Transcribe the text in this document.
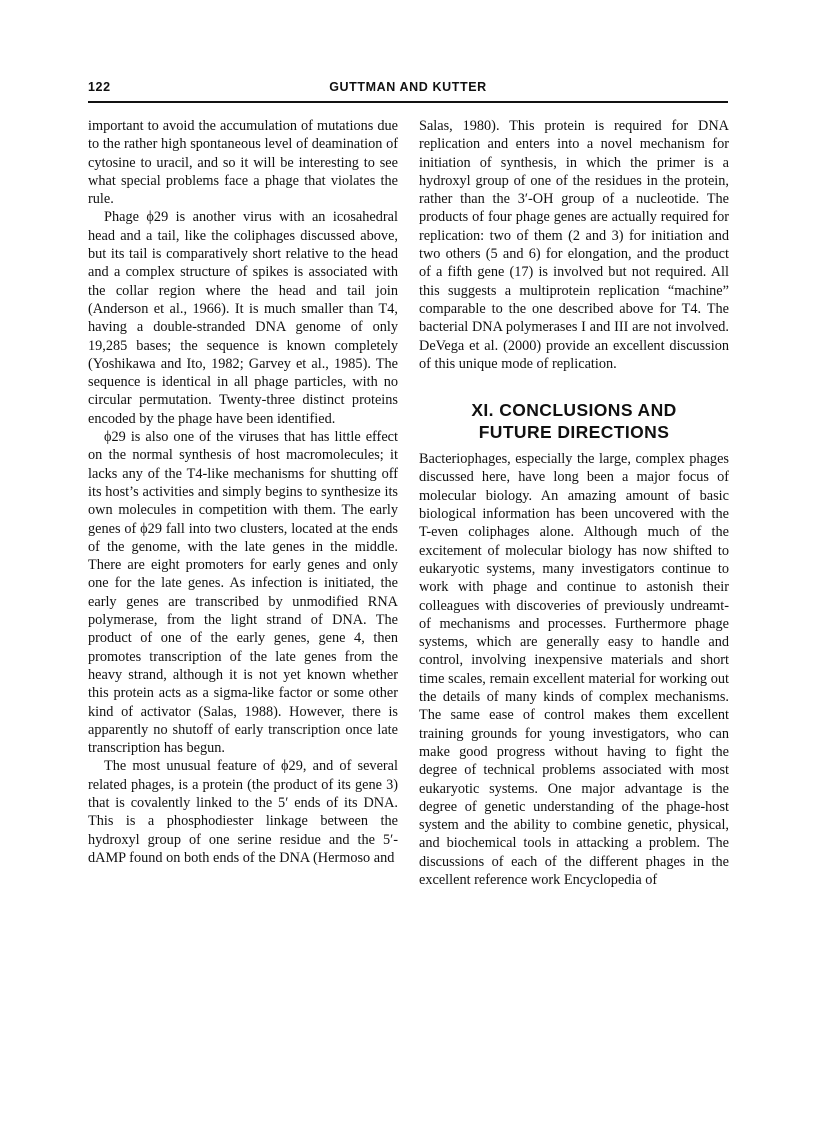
122	GUTTMAN AND KUTTER

important to avoid the accumulation of mutations due to the rather high spontaneous level of deamination of cytosine to uracil, and so it will be interesting to see what special problems face a phage that violates the rule.

Phage ϕ29 is another virus with an icosahedral head and a tail, like the coliphages discussed above, but its tail is comparatively short relative to the head and a complex structure of spikes is associated with the collar region where the head and tail join (Anderson et al., 1966). It is much smaller than T4, having a double-stranded DNA genome of only 19,285 bases; the sequence is known completely (Yoshikawa and Ito, 1982; Garvey et al., 1985). The sequence is identical in all phage particles, with no circular permutation. Twenty-three distinct proteins encoded by the phage have been identified.

ϕ29 is also one of the viruses that has little effect on the normal synthesis of host macromolecules; it lacks any of the T4-like mechanisms for shutting off its host’s activities and simply begins to synthesize its own molecules in competition with them. The early genes of ϕ29 fall into two clusters, located at the ends of the genome, with the late genes in the middle. There are eight promoters for early genes and only one for the late genes. As infection is initiated, the early genes are transcribed by unmodified RNA polymerase, from the light strand of DNA. The product of one of the early genes, gene 4, then promotes transcription of the late genes from the heavy strand, although it is not yet known whether this protein acts as a sigma-like factor or some other kind of activator (Salas, 1988). However, there is apparently no shutoff of early transcription once late transcription has begun.

The most unusual feature of ϕ29, and of several related phages, is a protein (the product of its gene 3) that is covalently linked to the 5′ ends of its DNA. This is a phosphodiester linkage between the hydroxyl group of one serine residue and the 5′-dAMP found on both ends of the DNA (Hermoso and

Salas, 1980). This protein is required for DNA replication and enters into a novel mechanism for initiation of synthesis, in which the primer is a hydroxyl group of one of the residues in the protein, rather than the 3′-OH group of a nucleotide. The products of four phage genes are actually required for replication: two of them (2 and 3) for initiation and two others (5 and 6) for elongation, and the product of a fifth gene (17) is involved but not required. All this suggests a multiprotein replication “machine” comparable to the one described above for T4. The bacterial DNA polymerases I and III are not involved. DeVega et al. (2000) provide an excellent discussion of this unique mode of replication.

XI. CONCLUSIONS AND
FUTURE DIRECTIONS

Bacteriophages, especially the large, complex phages discussed here, have long been a major focus of molecular biology. An amazing amount of basic biological information has been uncovered with the T-even coliphages alone. Although much of the excitement of molecular biology has now shifted to eukaryotic systems, many investigators continue to work with phage and continue to astonish their colleagues with discoveries of previously undreamt-of mechanisms and processes. Furthermore phage systems, which are generally easy to handle and control, involving inexpensive materials and short time scales, remain excellent material for working out the details of many kinds of complex mechanisms. The same ease of control makes them excellent training grounds for young investigators, who can make good progress without having to fight the degree of technical problems associated with most eukaryotic systems. One major advantage is the degree of genetic understanding of the phage-host system and the ability to combine genetic, physical, and biochemical tools in attacking a problem. The discussions of each of the different phages in the excellent reference work Encyclopedia of
